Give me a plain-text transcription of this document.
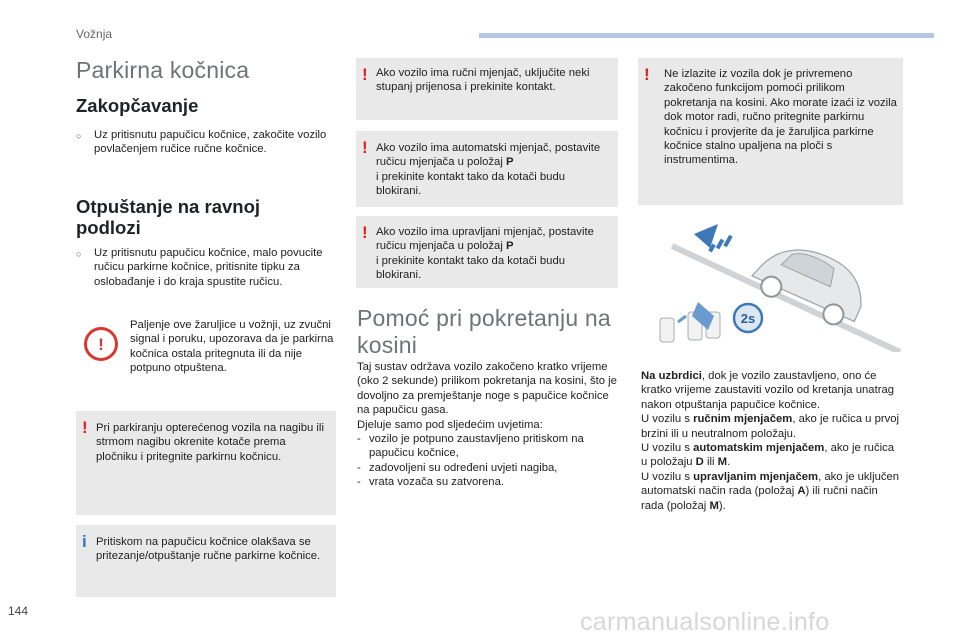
Vožnja
Parkirna kočnica
Zakopčavanje
○	Uz pritisnutu papučicu kočnice, zakočite vozilo povlačenjem ručice ručne kočnice.
Otpuštanje na ravnoj
podlozi
○	Uz pritisnutu papučicu kočnice, malo povucite ručicu parkirne kočnice, pritisnite tipku za oslobađanje i do kraja spustite ručicu.
!
Paljenje ove žaruljice u vožnji, uz zvučni signal i poruku, upozorava da je parkirna kočnica ostala pritegnuta ili da nije potpuno otpuštena.
! Pri parkiranju opterećenog vozila na nagibu ili strmom nagibu okrenite kotače prema pločniku i pritegnite parkirnu kočnicu.
i Pritiskom na papučicu kočnice olakšava se pritezanje/otpuštanje ručne parkirne kočnice.
! Ako vozilo ima ručni mjenjač, uključite neki stupanj prijenosa i prekinite kontakt.
! Ako vozilo ima automatski mjenjač, postavite ručicu mjenjača u položaj P
i prekinite kontakt tako da kotači budu blokirani.
! Ako vozilo ima upravljani mjenjač, postavite ručicu mjenjača u položaj P
i prekinite kontakt tako da kotači budu blokirani.
Pomoć pri pokretanju na
kosini
Taj sustav održava vozilo zakočeno kratko vrijeme (oko 2 sekunde) prilikom pokretanja na kosini, što je dovoljno za premještanje noge s papučice kočnice na papučicu gasa.
Djeluje samo pod sljedećim uvjetima:
- vozilo je potpuno zaustavljeno pritiskom na papučicu kočnice,
- zadovoljeni su određeni uvjeti nagiba,
- vrata vozača su zatvorena.
! Ne izlazite iz vozila dok je privremeno zakočeno funkcijom pomoći prilikom pokretanja na kosini. Ako morate izaći iz vozila dok motor radi, ručno pritegnite parkirnu kočnicu i provjerite da je žaruljica parkirne kočnice stalno upaljena na ploči s instrumentima.
2s
Na uzbrdici, dok je vozilo zaustavljeno, ono će kratko vrijeme zaustaviti vozilo od kretanja unatrag nakon otpuštanja papučice kočnice.
U vozilu s ručnim mjenjačem, ako je ručica u prvoj brzini ili u neutralnom položaju.
U vozilu s automatskim mjenjačem, ako je ručica u položaju D ili M.
U vozilu s upravljanim mjenjačem, ako je uključen automatski način rada (položaj A) ili ručni način rada (položaj M).
144	carmanualsonline.info
